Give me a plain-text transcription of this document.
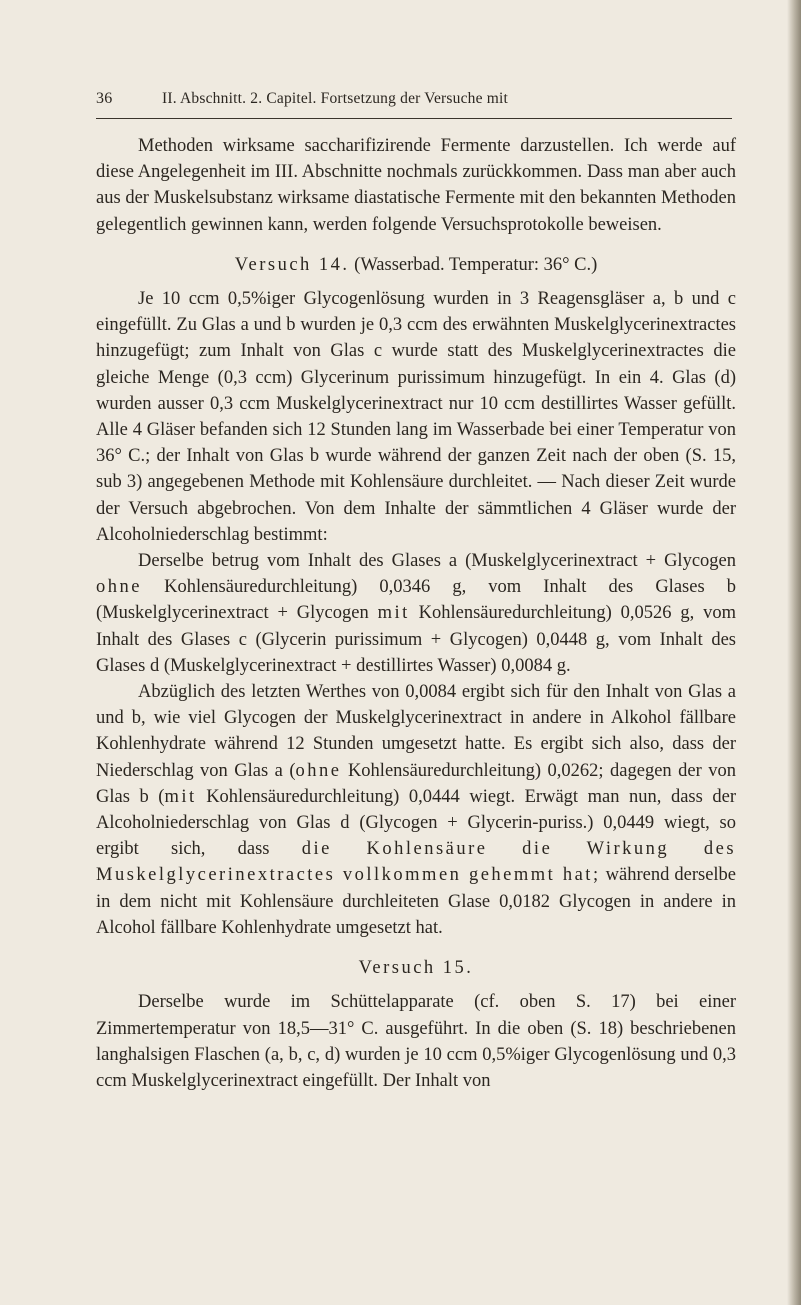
36	II. Abschnitt. 2. Capitel. Fortsetzung der Versuche mit

Methoden wirksame saccharifizirende Fermente darzustellen. Ich werde auf diese Angelegenheit im III. Abschnitte nochmals zurückkommen. Dass man aber auch aus der Muskelsubstanz wirksame diastatische Fermente mit den bekannten Methoden gelegentlich gewinnen kann, werden folgende Versuchsprotokolle beweisen.

Versuch 14. (Wasserbad. Temperatur: 36° C.)

Je 10 ccm 0,5%iger Glycogenlösung wurden in 3 Reagensgläser a, b und c eingefüllt. Zu Glas a und b wurden je 0,3 ccm des erwähnten Muskelglycerinextractes hinzugefügt; zum Inhalt von Glas c wurde statt des Muskelglycerinextractes die gleiche Menge (0,3 ccm) Glycerinum purissimum hinzugefügt. In ein 4. Glas (d) wurden ausser 0,3 ccm Muskelglycerinextract nur 10 ccm destillirtes Wasser gefüllt. Alle 4 Gläser befanden sich 12 Stunden lang im Wasserbade bei einer Temperatur von 36° C.; der Inhalt von Glas b wurde während der ganzen Zeit nach der oben (S. 15, sub 3) angegebenen Methode mit Kohlensäure durchleitet. — Nach dieser Zeit wurde der Versuch abgebrochen. Von dem Inhalte der sämmtlichen 4 Gläser wurde der Alcoholniederschlag bestimmt:

Derselbe betrug vom Inhalt des Glases a (Muskelglycerinextract + Glycogen ohne Kohlensäuredurchleitung) 0,0346 g, vom Inhalt des Glases b (Muskelglycerinextract + Glycogen mit Kohlensäuredurchleitung) 0,0526 g, vom Inhalt des Glases c (Glycerin purissimum + Glycogen) 0,0448 g, vom Inhalt des Glases d (Muskelglycerinextract + destillirtes Wasser) 0,0084 g.

Abzüglich des letzten Werthes von 0,0084 ergibt sich für den Inhalt von Glas a und b, wie viel Glycogen der Muskelglycerinextract in andere in Alkohol fällbare Kohlenhydrate während 12 Stunden umgesetzt hatte. Es ergibt sich also, dass der Niederschlag von Glas a (ohne Kohlensäuredurchleitung) 0,0262; dagegen der von Glas b (mit Kohlensäuredurchleitung) 0,0444 wiegt. Erwägt man nun, dass der Alcoholniederschlag von Glas d (Glycogen + Glycerin-puriss.) 0,0449 wiegt, so ergibt sich, dass die Kohlensäure die Wirkung des Muskelglycerinextractes vollkommen gehemmt hat; während derselbe in dem nicht mit Kohlensäure durchleiteten Glase 0,0182 Glycogen in andere in Alcohol fällbare Kohlenhydrate umgesetzt hat.

Versuch 15.

Derselbe wurde im Schüttelapparate (cf. oben S. 17) bei einer Zimmertemperatur von 18,5—31° C. ausgeführt. In die oben (S. 18) beschriebenen langhalsigen Flaschen (a, b, c, d) wurden je 10 ccm 0,5%iger Glycogenlösung und 0,3 ccm Muskelglycerinextract eingefüllt. Der Inhalt von
